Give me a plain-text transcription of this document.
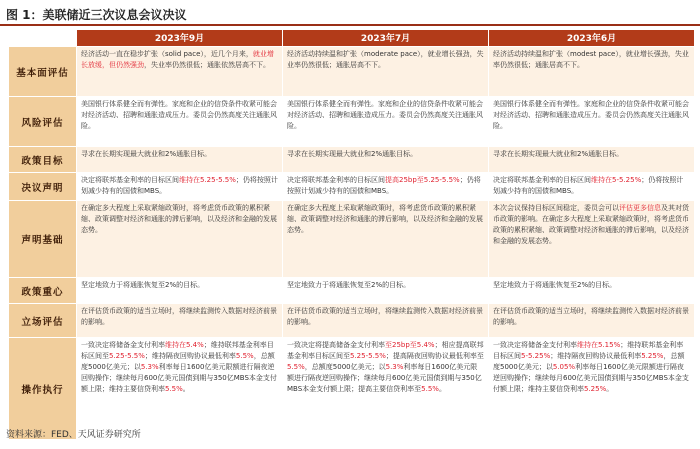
图 1：美联储近三次议息会议决议
	2023年9月	2023年7月	2023年6月
基本面评估	经济活动一直在稳步扩张（solid pace），近几个月来，就业增长放缓，但仍然强劲，失业率仍然很低；通胀依然居高不下。	经济活动持续温和扩张（moderate pace），就业增长强劲，失业率仍然很低；通胀居高不下。	经济活动持续温和扩张（modest pace），就业增长强劲，失业率仍然很低；通胀居高不下。
风险评估	美国银行体系健全而有弹性。家庭和企业的信贷条件收紧可能会对经济活动、招聘和通胀造成压力。委员会仍然高度关注通胀风险。	美国银行体系健全而有弹性。家庭和企业的信贷条件收紧可能会对经济活动、招聘和通胀造成压力。委员会仍然高度关注通胀风险。	美国银行体系健全而有弹性。家庭和企业的信贷条件收紧可能会对经济活动、招聘和通胀造成压力。委员会仍然高度关注通胀风险。
政策目标	寻求在长期实现最大就业和2%通胀目标。	寻求在长期实现最大就业和2%通胀目标。	寻求在长期实现最大就业和2%通胀目标。
决议声明	决定将联邦基金利率的目标区间维持在5.25-5.5%；仍将按照计划减少持有的国债和MBS。	决定将联邦基金利率的目标区间提高25bp至5.25-5.5%；仍将按照计划减少持有的国债和MBS。	决定将联邦基金利率的目标区间维持在5-5.25%；仍将按照计划减少持有的国债和MBS。
声明基础	在确定多大程度上采取紧缩政策时，将考虑货币政策的累积紧缩、政策调整对经济和通胀的滞后影响，以及经济和金融的发展态势。	在确定多大程度上采取紧缩政策时，将考虑货币政策的累积紧缩、政策调整对经济和通胀的滞后影响，以及经济和金融的发展态势。	本次会议保持目标区间稳定，委员会可以评估更多信息及其对货币政策的影响。在确定多大程度上采取紧缩政策时，将考虑货币政策的累积紧缩、政策调整对经济和通胀的滞后影响，以及经济和金融的发展态势。
政策重心	坚定地致力于将通胀恢复至2%的目标。	坚定地致力于将通胀恢复至2%的目标。	坚定地致力于将通胀恢复至2%的目标。
立场评估	在评估货币政策的适当立场时，将继续监测传入数据对经济前景的影响。	在评估货币政策的适当立场时，将继续监测传入数据对经济前景的影响。	在评估货币政策的适当立场时，将继续监测传入数据对经济前景的影响。
操作执行	一致决定将储备金支付利率维持在5.4%；维持联邦基金利率目标区间至5.25-5.5%；维持隔夜回购协议最低利率5.5%，总额度5000亿美元；以5.3%利率每日1600亿美元限额进行隔夜逆回购操作；继续每月600亿美元国债到期与350亿MBS本金支付额上限；维持主要信贷利率5.5%。	一致决定将提高储备金支付利率至25bp至5.4%；相应提高联邦基金利率目标区间至5.25-5.5%；提高隔夜回购协议最低利率至5.5%，总额度5000亿美元；以5.3%利率每日1600亿美元限额进行隔夜逆回购操作；继续每月600亿美元国债到期与350亿MBS本金支付额上限；提高主要信贷利率至5.5%。	一致决定将储备金支付利率维持在5.15%；维持联邦基金利率目标区间5-5.25%；维持隔夜回购协议最低利率5.25%，总额度5000亿美元；以5.05%利率每日1600亿美元限额进行隔夜逆回购操作；继续每月600亿美元国债到期与350亿MBS本金支付额上限；维持主要信贷利率5.25%。
资料来源：FED、天风证券研究所
